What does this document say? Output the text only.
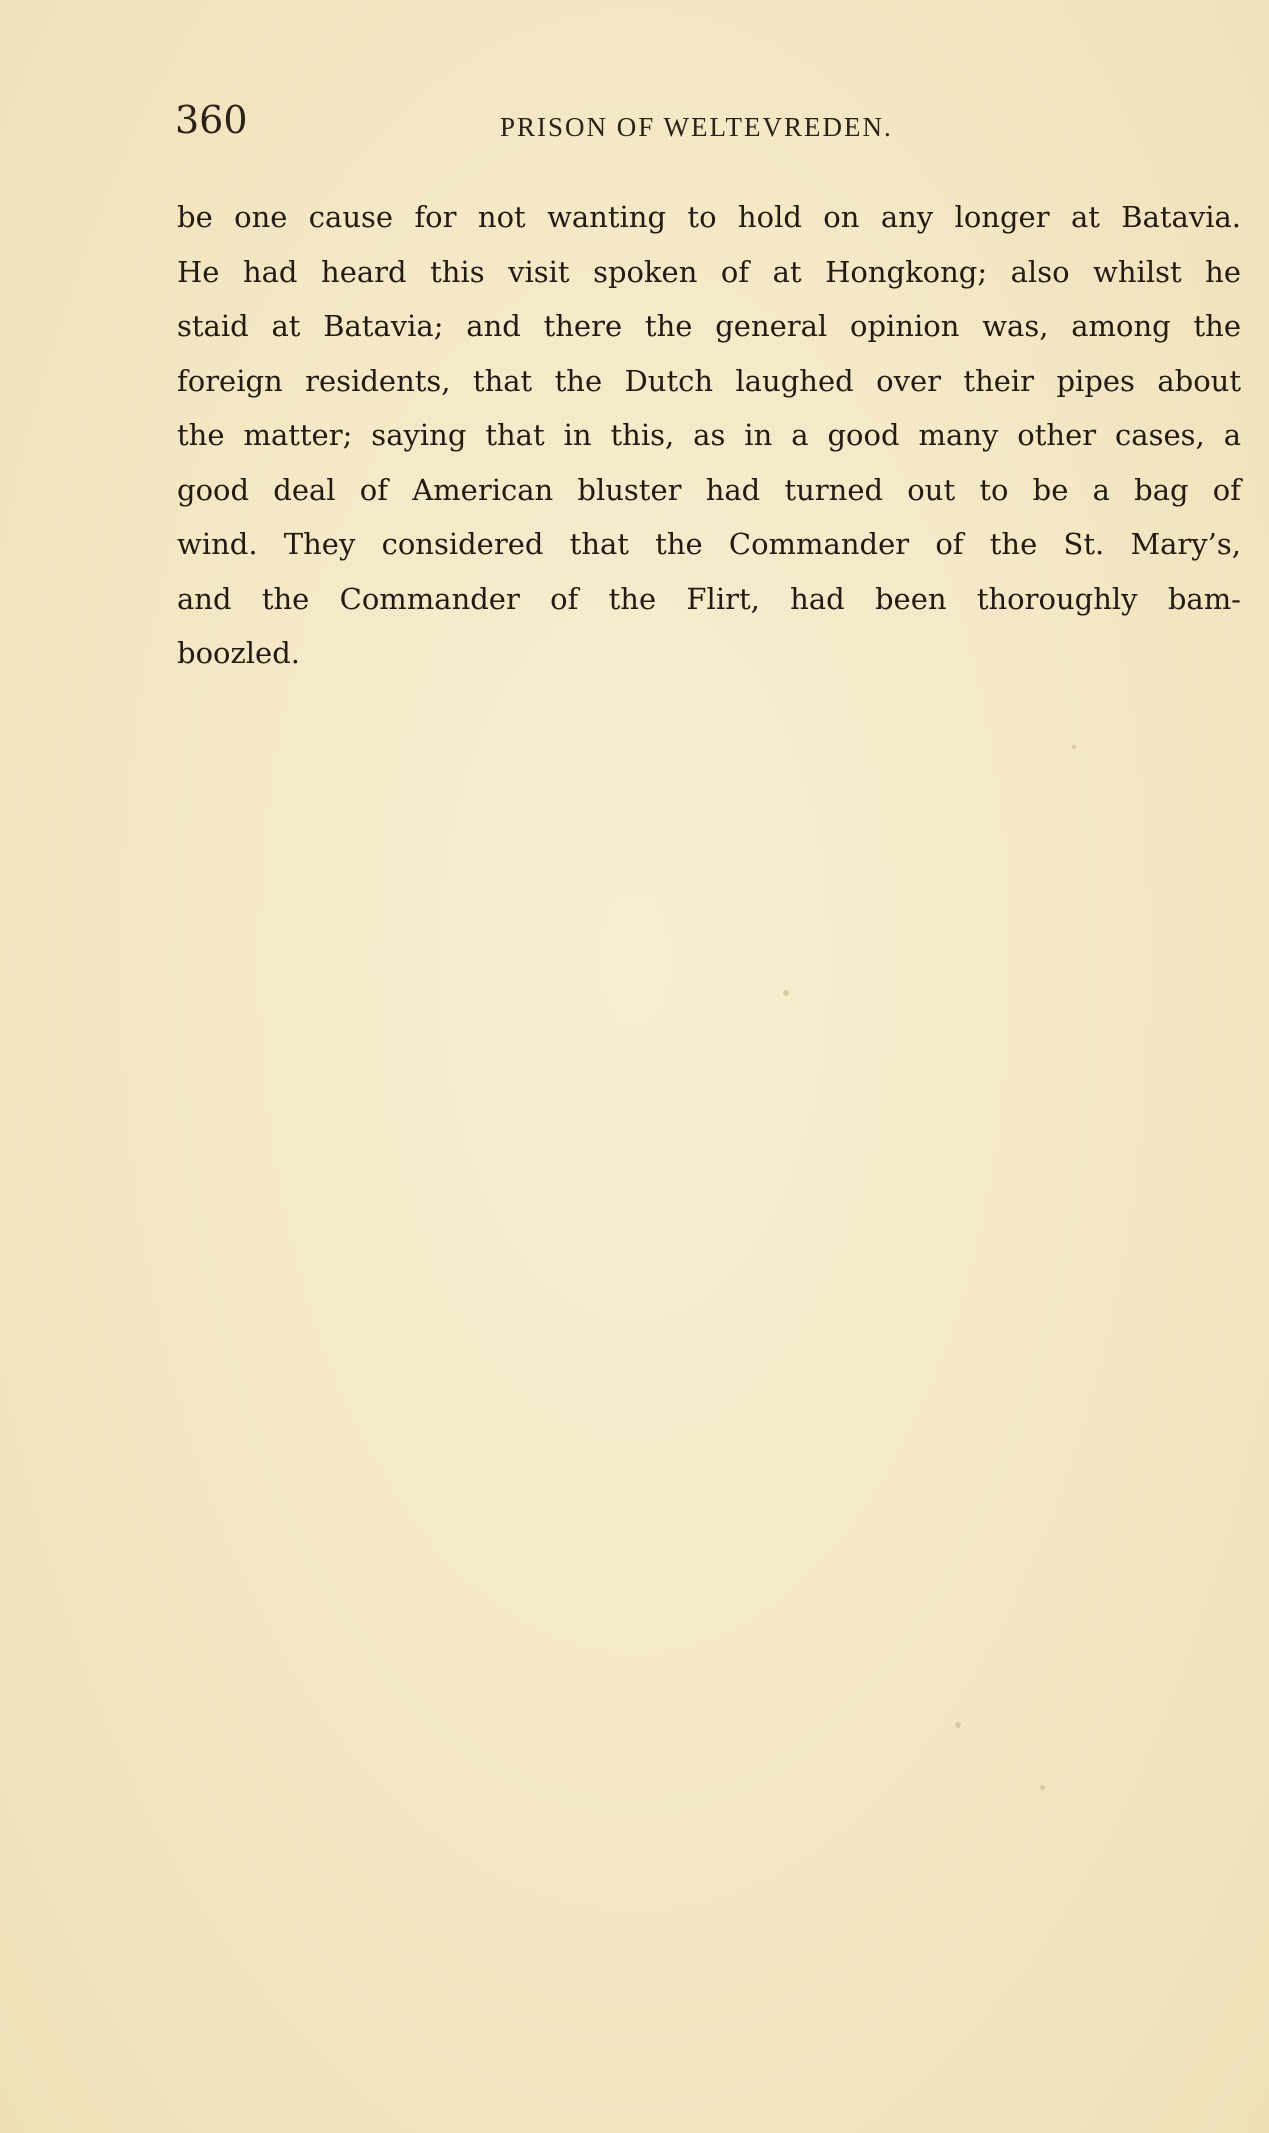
360	PRISON OF WELTEVREDEN.
be one cause for not wanting to hold on any longer at Batavia.
He had heard this visit spoken of at Hongkong; also whilst he
staid at Batavia; and there the general opinion was, among the
foreign residents, that the Dutch laughed over their pipes about
the matter; saying that in this, as in a good many other cases, a
good deal of American bluster had turned out to be a bag of
wind. They considered that the Commander of the St. Mary’s,
and the Commander of the Flirt, had been thoroughly bam-
boozled.
